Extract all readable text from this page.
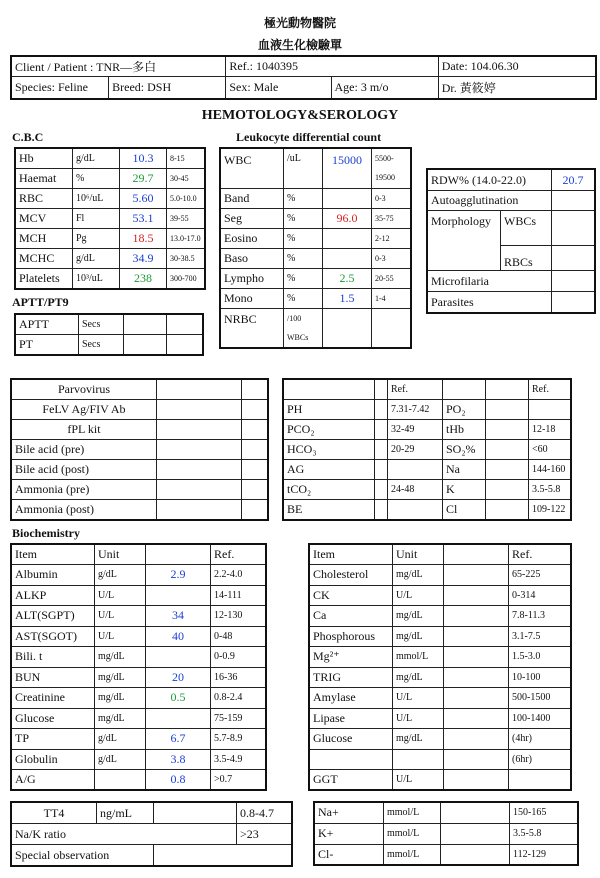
極光動物醫院
血液生化檢驗單
Client / Patient : TNR—多白		Ref.: 1040395		Date: 104.06.30
Species: Feline	Breed: DSH	Sex: Male	Age: 3 m/o	Dr. 黃筱婷
HEMOTOLOGY&SEROLOGY
C.B.C	Leukocyte differential count
Hb	g/dL	10.3	8-15
Haemat	%	29.7	30-45
RBC	10⁶/uL	5.60	5.0-10.0
MCV	Fl	53.1	39-55
MCH	Pg	18.5	13.0-17.0
MCHC	g/dL	34.9	30-38.5
Platelets	10³/uL	238	300-700
WBC	/uL	15000	5500-
			19500
Band	%		0-3
Seg	%	96.0	35-75
Eosino	%		2-12
Baso	%		0-3
Lympho	%	2.5	20-55
Mono	%	1.5	1-4
NRBC	/100		
	WBCs		
RDW% (14.0-22.0)		20.7
Autoagglutination		
Morphology	WBCs	
	RBCs	
Microfilaria		
Parasites		
APTT/PT9
APTT	Secs		
PT	Secs		
Parvovirus		
FeLV Ag/FIV Ab		
fPL kit		
Bile acid (pre)		
Bile acid (post)		
Ammonia (pre)		
Ammonia (post)		
		Ref.			Ref.
PH		7.31-7.42	PO₂		
PCO₂		32-49	tHb		12-18
HCO₃		20-29	SO₂%		<60
AG			Na		144-160
tCO₂		24-48	K		3.5-5.8
BE			Cl		109-122
Biochemistry
Item	Unit		Ref.
Albumin	g/dL	2.9	2.2-4.0
ALKP	U/L		14-111
ALT(SGPT)	U/L	34	12-130
AST(SGOT)	U/L	40	0-48
Bili. t	mg/dL		0-0.9
BUN	mg/dL	20	16-36
Creatinine	mg/dL	0.5	0.8-2.4
Glucose	mg/dL		75-159
TP	g/dL	6.7	5.7-8.9
Globulin	g/dL	3.8	3.5-4.9
A/G		0.8	>0.7
Item	Unit		Ref.
Cholesterol	mg/dL		65-225
CK	U/L		0-314
Ca	mg/dL		7.8-11.3
Phosphorous	mg/dL		3.1-7.5
Mg²⁺	mmol/L		1.5-3.0
TRIG	mg/dL		10-100
Amylase	U/L		500-1500
Lipase	U/L		100-1400
Glucose	mg/dL		(4hr)
			(6hr)
GGT	U/L		
TT4	ng/mL		0.8-4.7
Na/K ratio			>23
Special observation			
Na+	mmol/L		150-165
K+	mmol/L		3.5-5.8
Cl-	mmol/L		112-129
